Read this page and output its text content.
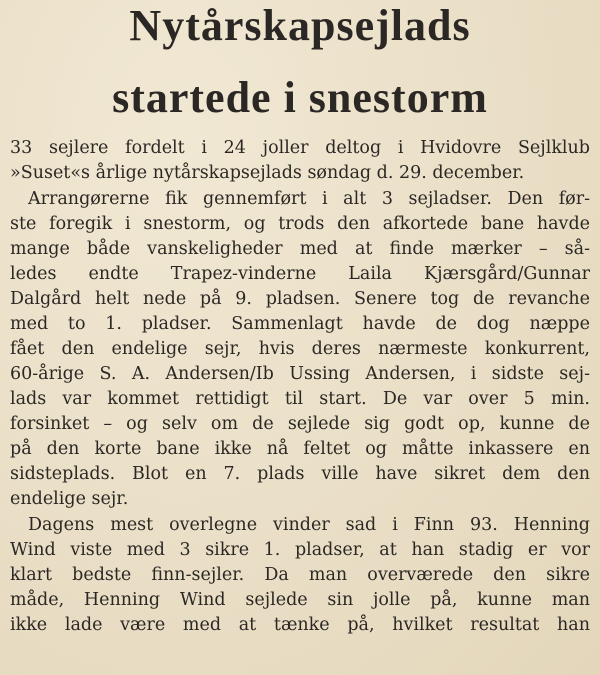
Nytårskapsejlads
startede i snestorm

33 sejlere fordelt i 24 joller deltog i Hvidovre Sejlklub
»Suset«s årlige nytårskapsejlads søndag d. 29. december.

Arrangørerne fik gennemført i alt 3 sejladser. Den før-
ste foregik i snestorm, og trods den afkortede bane havde
mange både vanskeligheder med at finde mærker – så-
ledes endte Trapez-vinderne Laila Kjærsgård/Gunnar
Dalgård helt nede på 9. pladsen. Senere tog de revanche
med to 1. pladser. Sammenlagt havde de dog næppe
fået den endelige sejr, hvis deres nærmeste konkurrent,
60-årige S. A. Andersen/Ib Ussing Andersen, i sidste sej-
lads var kommet rettidigt til start. De var over 5 min.
forsinket – og selv om de sejlede sig godt op, kunne de
på den korte bane ikke nå feltet og måtte inkassere en
sidsteplads. Blot en 7. plads ville have sikret dem den
endelige sejr.

Dagens mest overlegne vinder sad i Finn 93. Henning
Wind viste med 3 sikre 1. pladser, at han stadig er vor
klart bedste finn-sejler. Da man overværede den sikre
måde, Henning Wind sejlede sin jolle på, kunne man
ikke lade være med at tænke på, hvilket resultat han
